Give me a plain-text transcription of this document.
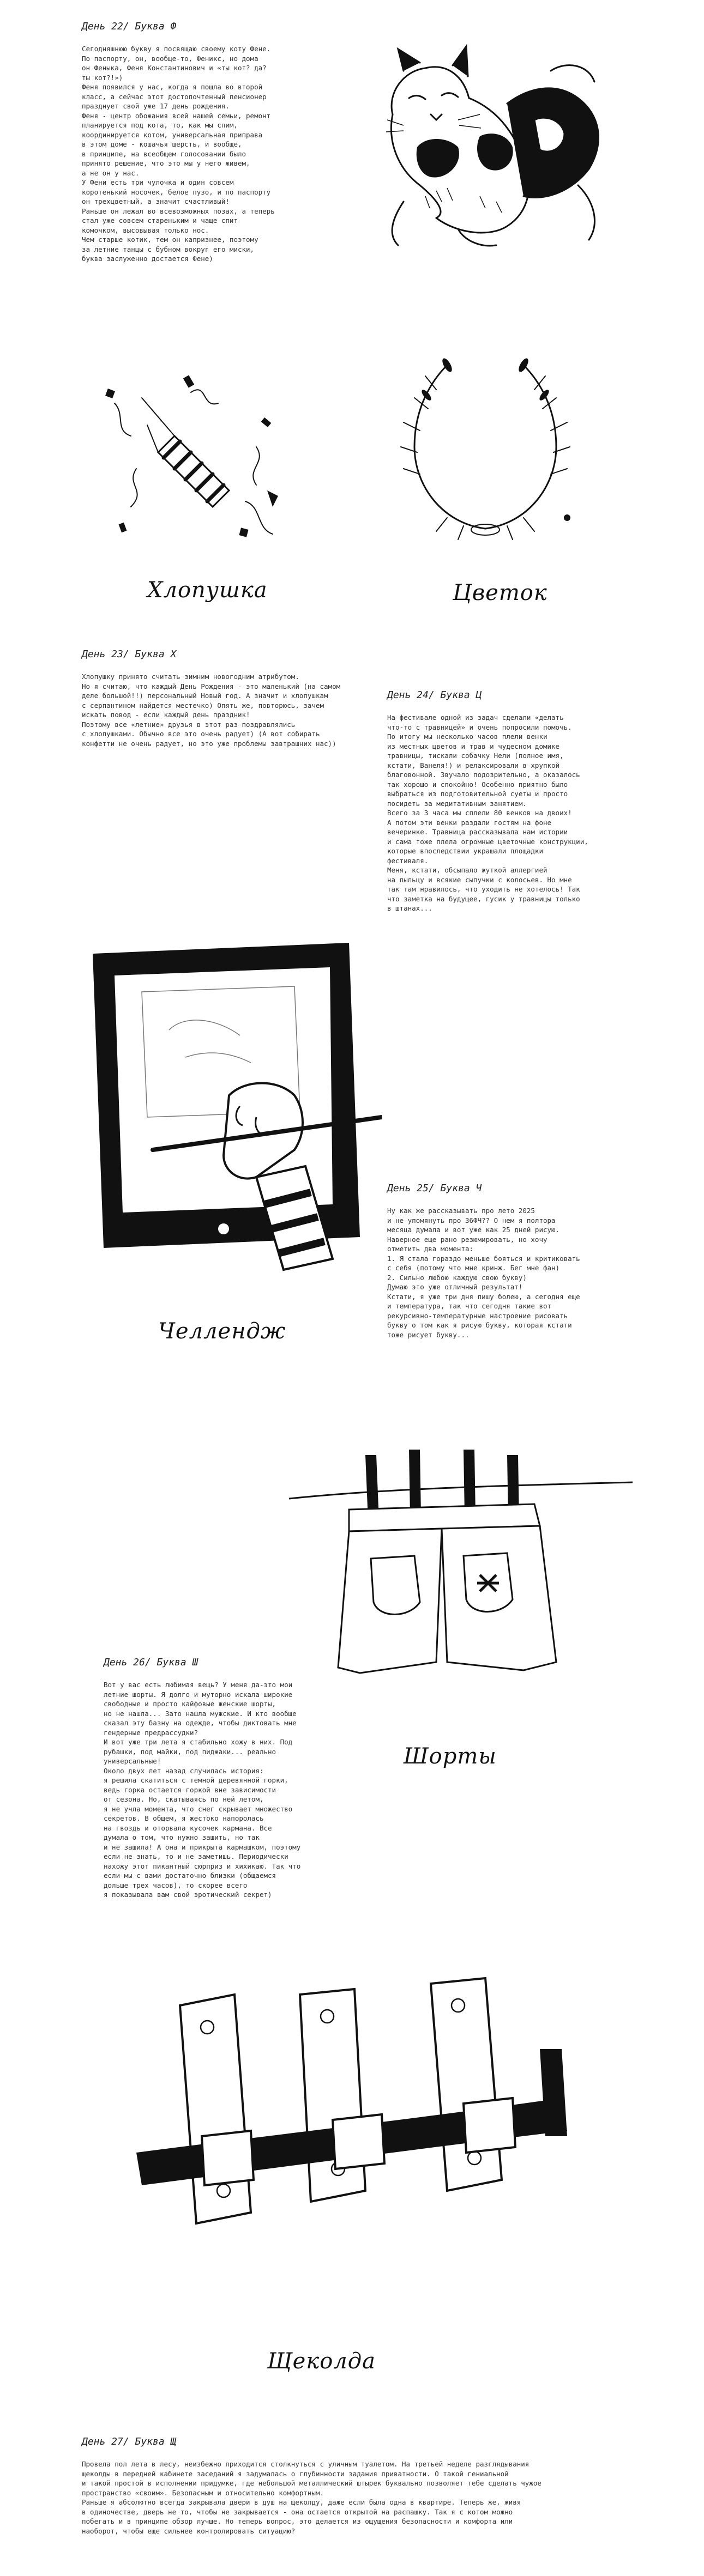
День 22/ Буква Ф

Сегодняшнюю букву я посвящаю своему коту Фене.

По паспорту, он, вообще-то, Феникс, но дома

он Феныка, Феня Константинович и «ты кот? да?

ты кот?!»)

Феня появился у нас, когда я пошла во второй

класс, а сейчас этот достопочтенный пенсионер

празднует свой уже 17 день рождения.

Феня - центр обожания всей нашей семьи, ремонт

планируется под кота, то, как мы спим,

координируется котом, универсальная приправа

в этом доме - кошачья шерсть, и вообще,

в принципе, на всеобщем голосовании было

принято решение, что это мы у него живем,

а не он у нас.

У Фени есть три чулочка и один совсем

коротенький носочек, белое пузо, и по паспорту

он трехцветный, а значит счастливый!

Раньше он лежал во всевозможных позах, а теперь

стал уже совсем стареньким и чаще спит

комочком, высовывая только нос.

Чем старше котик, тем он капризнее, поэтому

за летние танцы с бубном вокруг его миски,

буква заслуженно достается Фене)

Хлопушка	Цветок
День 23/ Буква Х

Хлопушку принято считать зимним новогодним атрибутом.

Но я считаю, что каждый День Рождения - это маленький (на самом

деле большой!!) персональный Новый год. А значит и хлопушкам

с серпантином найдется местечко) Опять же, повторюсь, зачем

искать повод - если каждый день праздник!

Поэтому все «летние» друзья в этот раз поздравлялись

с хлопушками. Обычно все это очень радует) (А вот собирать

конфетти не очень радует, но это уже проблемы завтрашних нас))

День 24/ Буква Ц

На фестивале одной из задач сделали «делать

что-то с травницей» и очень попросили помочь.

По итогу мы несколько часов плели венки

из местных цветов и трав и чудесном домике

травницы, тискали собачку Нели (полное имя,

кстати, Ванеля!) и релаксировали в хрупкой

благовонной. Звучало подозрительно, а оказалось

так хорошо и спокойно! Особенно приятно было

выбраться из подготовительной суеты и просто

посидеть за медитативным занятием.

Всего за 3 часа мы сплели 80 венков на двоих!

А потом эти венки раздали гостям на фоне

вечеринке. Травница рассказывала нам истории

и сама тоже плела огромные цветочные конструкции,

которые впоследствии украшали площадки

фестиваля.

Меня, кстати, обсыпало жуткой аллергией

на пыльцу и всякие сыпучки с колосьев. Но мне

так там нравилось, что уходить не хотелось! Так

что заметка на будущее, гусик у травницы только

в штанах...

Челлендж
День 25/ Буква Ч

Ну как же рассказывать про лето 2025

и не упомянуть про 36ФЧ?? О нем я полтора

месяца думала и вот уже как 25 дней рисую.

Наверное еще рано резюмировать, но хочу

отметить два момента:

1. Я стала гораздо меньше бояться и критиковать

с себя (потому что мне кринж. Бег мне фан)

2. Сильно любою каждую свою букву)

Думаю это уже отличный результат!

Кстати, я уже три дня пишу болею, а сегодня еще

и температура, так что сегодня такие вот

рекурсивно-температурные настроение рисовать

букву о том как я рисую букву, которая кстати

тоже рисует букву...

Шорты
День 26/ Буква Ш

Вот у вас есть любимая вещь? У меня да-это мои

летние шорты. Я долго и муторно искала широкие

свободные и просто кайфовые женские шорты,

но не нашла... Зато нашла мужские. И кто вообще

сказал эту базну на одежде, чтобы диктовать мне

гендерные предрассудки?

И вот уже три лета я стабильно хожу в них. Под

рубашки, под майки, под пиджаки... реально

универсальные!

Около двух лет назад случилась история:

я решила скатиться с темной деревянной горки,

ведь горка остается горкой вне зависимости

от сезона. Но, скатываясь по ней летом,

я не учла момента, что снег скрывает множество

секретов. В общем, я жестоко напоролась

на гвоздь и оторвала кусочек кармана. Все

думала о том, что нужно зашить, но так

и не зашила! А она и прикрыта кармашком, поэтому

если не знать, то и не заметишь. Периодически

нахожу этот пикантный сюрприз и хихикаю. Так что

если мы с вами достаточно близки (общаемся

дольше трех часов), то скорее всего

я показывала вам свой эротический секрет)

Щеколда
День 27/ Буква Щ

Провела пол лета в лесу, неизбежно приходится столкнуться с уличным туалетом. На третьей неделе разглядывания

щеколды в передней кабинете заседаний я задумалась о глубинности задания приватности. О такой гениальной

и такой простой в исполнении придумке, где небольшой металлический штырек буквально позволяет тебе сделать чужое

пространство «своим». Безопасным и относительно комфортным.

Раньше я абсолютно всегда закрывала двери в душ на щеколду, даже если была одна в квартире. Теперь же, живя

в одиночестве, дверь не то, чтобы не закрывается - она остается открытой на распашку. Так я с котом можно

побегать и в принципе обзор лучше. Но теперь вопрос, это делается из ощущения безопасности и комфорта или

наоборот, чтобы еще сильнее контролировать ситуацию?
